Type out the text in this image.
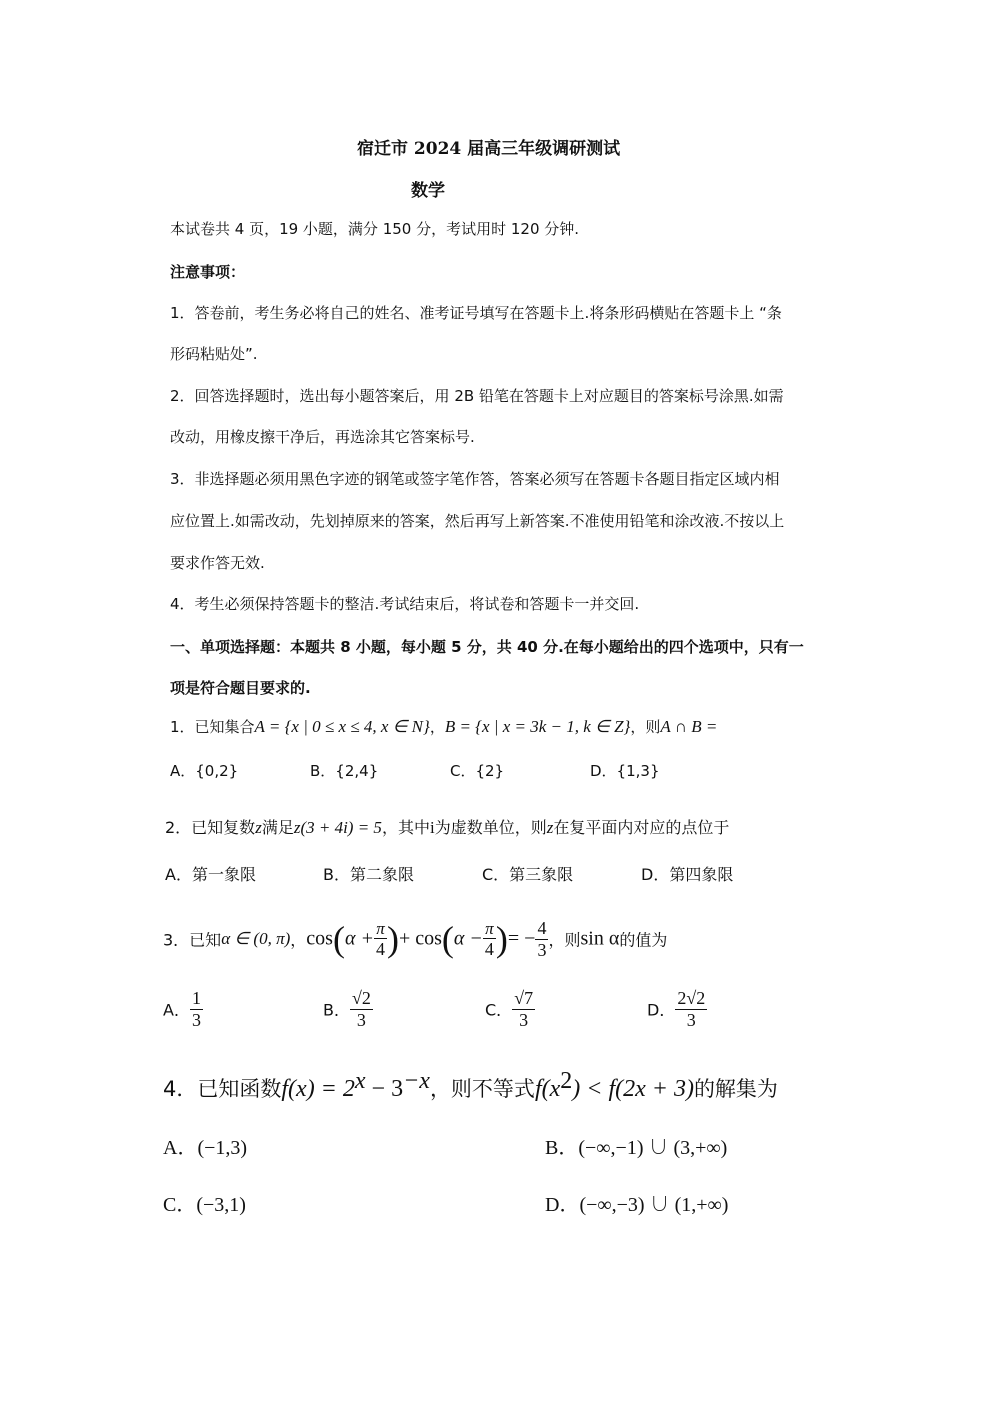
宿迁市 2024 届高三年级调研测试
数学
本试卷共 4 页，19 小题，满分 150 分，考试用时 120 分钟.
注意事项：
1．答卷前，考生务必将自己的姓名、准考证号填写在答题卡上.将条形码横贴在答题卡上 “条
形码粘贴处”.
2．回答选择题时，选出每小题答案后，用 2B 铅笔在答题卡上对应题目的答案标号涂黑.如需
改动，用橡皮擦干净后，再选涂其它答案标号.
3．非选择题必须用黑色字迹的钢笔或签字笔作答，答案必须写在答题卡各题目指定区域内相
应位置上.如需改动，先划掉原来的答案，然后再写上新答案.不准使用铅笔和涂改液.不按以上
要求作答无效.
4．考生必须保持答题卡的整洁.考试结束后，将试卷和答题卡一并交回.
一、单项选择题：本题共 8 小题，每小题 5 分，共 40 分.在每小题给出的四个选项中，只有一
项是符合题目要求的.
1．已知集合A = {x | 0 ≤ x ≤ 4, x ∈ N}，B = {x | x = 3k − 1, k ∈ Z}，则A ∩ B =
A．{0,2}	B．{2,4}	C．{2}	D．{1,3}
2．已知复数z满足z(3 + 4i) = 5，其中i为虚数单位，则z在复平面内对应的点位于
A．第一象限	B．第二象限	C．第三象限	D．第四象限
3．已知α ∈ (0, π)，$\cos(\alpha + \frac{\pi}{4}$ )+ $\cos(\alpha - \frac{\pi}{4}$ )= − $\frac{4}{3}$ ，则sin α的值为
A． $\frac{1}{3}$	B． $\frac{√2}{3}$	C． $\frac{√7}{3}$	D． $\frac{2√2}{3}$
4．已知函数$f(x) = 2^x - 3^{-x}$，则不等式$f(x^2) < f(2x + 3)$的解集为
A．(−1,3)	B．(−∞,−1) ∪ (3,+∞)
C．(−3,1)	D．(−∞,−3) ∪ (1,+∞)
